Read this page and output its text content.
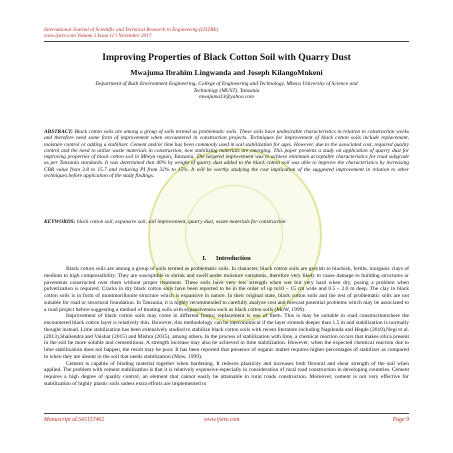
International Journal of Scientific and Technical Research in Engineering (IJSTRE)
www.ijstre.com Volume 2 Issue 11 ǁ November 2017.
Improving Properties of Black Cotton Soil with Quarry Dust
Mwajuma Ibrahim Lingwanda and Joseph KilangoMnkeni
Department of Built Environment Engineering, College of Engineering and Technology, Mbeya University of Science and Technology (MUST), Tanzania
mwajuma13@yahoo.com
ABSTRACT: Black cotton soils are among a group of soils termed as problematic soils. These soils have undesirable characteristics in relation to construction works and therefore need some form of improvement when encountered in construction projects. Techniques for improvement of black cotton soils include replacement, moisture control or adding a stabilizer. Cement and/or lime has been commonly used in soil stabilization for ages. However, due to the associated cost, required quality control and the need to utilize waste materials in construction, new stabilizing materials are emerging. This paper presents a study on application of quarry dust for improving properties of black cotton soil in Mbeya region, Tanzania. The targeted improvement was to achieve minimum acceptable characteristics for road subgrade as per Tanzania standards. It was determined that 40% by weight of quarry dust added to the black cotton soil was able to improve the characteristics by increasing CBR value from 3.8 to 15.7 and reducing PI from 32% to 15%. It will be worthy studying the cost implication of the suggested improvement in relation to other techniques before application of the study findings.
KEYWORDS: black cotton soil, expansive soil, soil improvement, quarry dust, waste materials for construction
I. Introduction

Black cotton soils are among a group of soils termed as problematic soils. In character, black cotton soils are greyish to blackish, fertile, inorganic clays of medium to high compressibility. They are susceptible to shrink and swell under moisture variations, therefore very likely to cause damage to building structures or pavements constructed over them without proper treatment. These soils have very low strength when wet but very hard when dry, posing a problem when pulverization is required. Cracks in dry black cotton soils have been reported to be in the order of up to10 – 15 cm wide and 0.5 – 2.0 m deep. The clay in black cotton soils is in form of montmorillonite structure which is expansive in nature. In their original state, black cotton soils and the rest of problematic soils are not suitable for road or structural foundation. In Tanzania, it is highly recommended to carefully analyze cost and forecast potential problems which may be associated to a road project before suggesting a method of treating soils with expansiveness such as black cotton soils (MoW, 1999).

Improvement of black cotton soils may come in different forms; replacement is one of them. This is may be suitable in road constructionwhere the encountered black cotton layer is relatively thin. However, this methodology can be uneconomical if the layer extends deeper than 1.5 m and stabilization is normally thought instead. Lime stabilization has been extensively studied to stabilize black cotton soils with recent literature including Nagdouda and Hegde (2010),Negi et al. (2013),Shailendra and Vaishar (2015) and Mishra (2015), among others. In the process of stabilization with lime, a chemical reaction occurs that makes silica present in the soil be more soluble and cementitious. A strength increase may also be achieved in lime stabilization. However, when the expected chemical reaction due to lime stabilization does not happen, the result may be poor. It has been reported that presence of organic matter requires higher percentages of stabilizer as compared to when they are absent in the soil that needs stabilization (Mow, 1999).

Cement is capable of binding material together when hardening. It reduces plasticity and increases both flexural and shear strength of the soil when applied. The problem with cement stabilization is that it is relatively expensive especially in consideration of rural road construction in developing countries. Cement requires a high degree of quality control, an element that cannot easily be attainable in rural roads construction. Moreover, cement is not very effective for stabilization of highly plastic soils unless extra efforts are implemented to

Manuscript id.543157462	www.ijstre.com	Page 9
